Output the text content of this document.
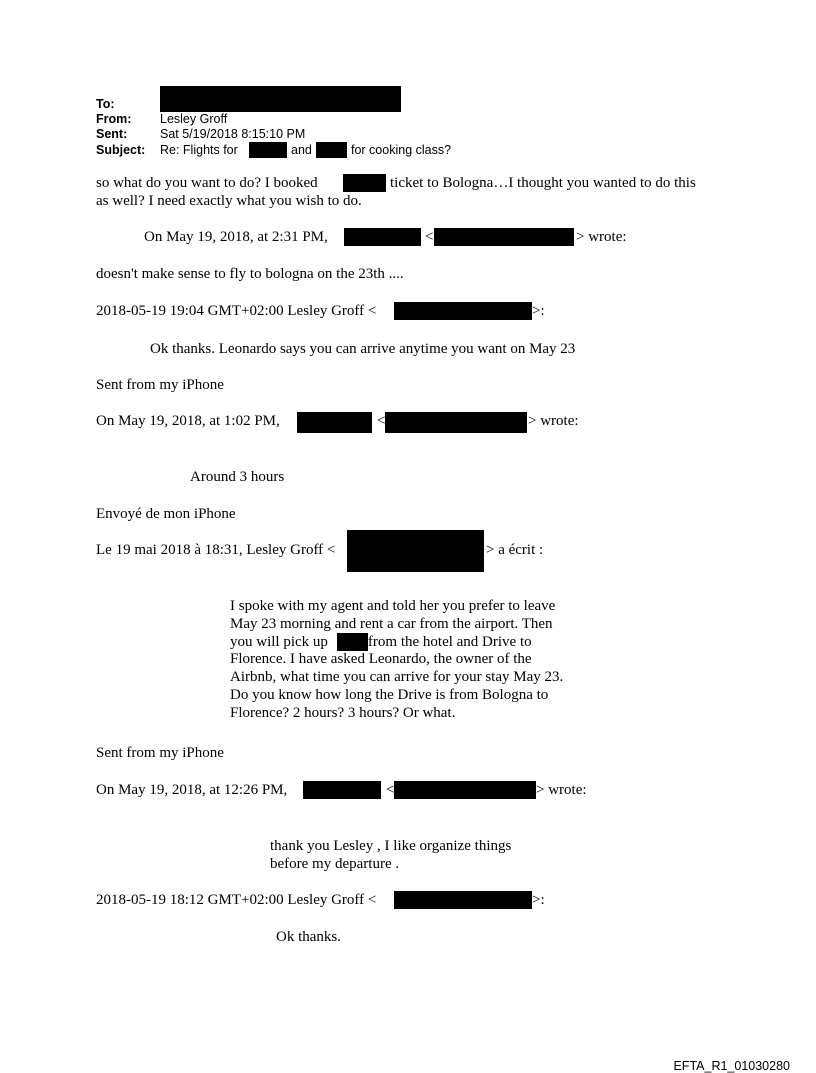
To:
From: Lesley Groff
Sent:	Sat 5/19/2018 8:15:10 PM
Subject: Re: Flights for	and	for cooking class?
so what do you want to do? I booked	ticket to Bologna…I thought you wanted to do this
as well? I need exactly what you wish to do.
On May 19, 2018, at 2:31 PM,	<	> wrote:
doesn't make sense to fly to bologna on the 23th ....
2018-05-19 19:04 GMT+02:00 Lesley Groff <	>:
Ok thanks. Leonardo says you can arrive anytime you want on May 23
Sent from my iPhone
On May 19, 2018, at 1:02 PM,	<	> wrote:
Around 3 hours
Envoyé de mon iPhone
Le 19 mai 2018 à 18:31, Lesley Groff <	> a écrit :
I spoke with my agent and told her you prefer to leave
May 23 morning and rent a car from the airport. Then
you will pick up	from the hotel and Drive to
Florence. I have asked Leonardo, the owner of the
Airbnb, what time you can arrive for your stay May 23.
Do you know how long the Drive is from Bologna to
Florence? 2 hours? 3 hours? Or what.
Sent from my iPhone
On May 19, 2018, at 12:26 PM,	<	> wrote:
thank you Lesley , I like organize things
before my departure .
2018-05-19 18:12 GMT+02:00 Lesley Groff <	>:
Ok thanks.
EFTA_R1_01030280
